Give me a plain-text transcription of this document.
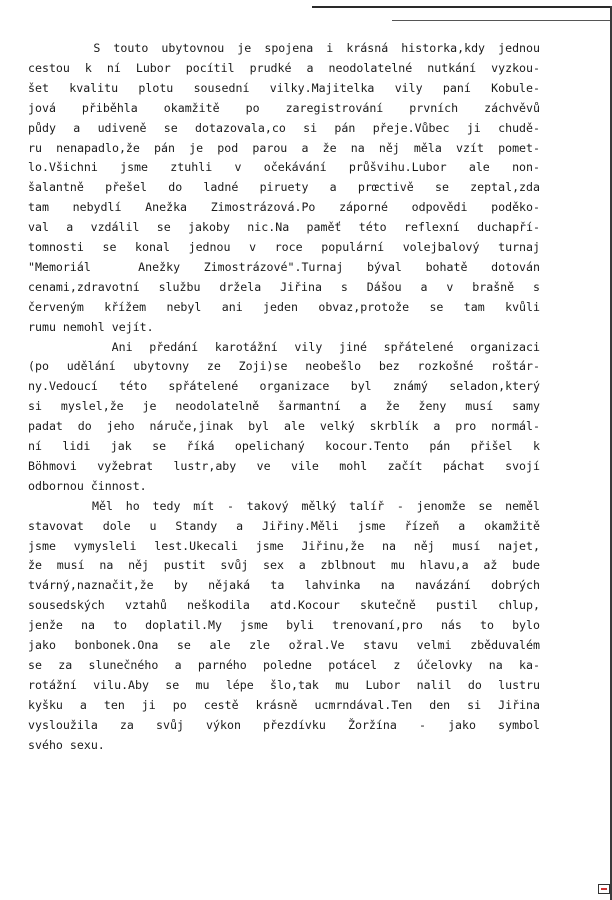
S touto ubytovnou je spojena i krásná historka,kdy jednou
cestou k ní Lubor pocítil prudké a neodolatelné nutkání vyzkou-
šet kvalitu plotu sousední vilky.Majitelka vily paní Kobule-
jová přiběhla okamžitě po zaregistrování prvních záchvěvů
půdy a udiveně se dotazovala,co si pán přeje.Vůbec ji chudě-
ru nenapadlo,že pán je pod parou a že na něj měla vzít pomet-
lo.Všichni jsme ztuhli v očekávání průšvihu.Lubor ale non-
šalantně přešel do ladné piruety a prœctivě se zeptal,zda
tam nebydlí Anežka Zimostrázová.Po záporné odpovědi poděko-
val a vzdálil se jakoby nic.Na paměť této reflexní duchapří-
tomnosti se konal jednou v roce populární volejbalový turnaj
"Memoriál  Anežky Zimostrázové".Turnaj býval bohatě dotován
cenami,zdravotní službu držela Jiřina s Dášou a v brašně s
červeným křížem nebyl ani jeden obvaz,protože se tam kvůli
rumu nemohl vejít.
Ani předání karotážní vily jiné spřátelené organizaci
(po udělání ubytovny ze Zoji)se neobešlo bez rozkošné roštár-
ny.Vedoucí této spřátelené organizace byl známý seladon,který
si myslel,že je neodolatelně šarmantní a že ženy musí samy
padat do jeho náruče,jinak byl ale velký skrblík a pro normál-
ní lidi jak se říká opelichaný kocour.Tento pán přišel k
Böhmovi vyžebrat lustr,aby ve vile mohl začít páchat svojí
odbornou činnost.
Měl ho tedy mít - takový mělký talíř - jenomže se neměl
stavovat dole u Standy a Jiřiny.Měli jsme řízeň a okamžitě
jsme vymysleli lest.Ukecali jsme Jiřinu,že na něj musí najet,
že musí na něj pustit svůj sex a zblbnout mu hlavu,a až bude
tvárný,naznačit,že by nějaká ta lahvinka na navázání dobrých
sousedských vztahů neškodila atd.Kocour skutečně pustil chlup,
jenže na to doplatil.My jsme byli trenovaní,pro nás to bylo
jako bonbonek.Ona se ale zle ožral.Ve stavu velmi zběduvalém
se za slunečného a parného poledne potácel z účelovky na ka-
rotážní vilu.Aby se mu lépe šlo,tak mu Lubor nalil do lustru
kyšku a ten ji po cestě krásně ucmrndával.Ten den si Jiřina
vysloužila za svůj výkon přezdívku Žoržína - jako symbol
svého sexu.
